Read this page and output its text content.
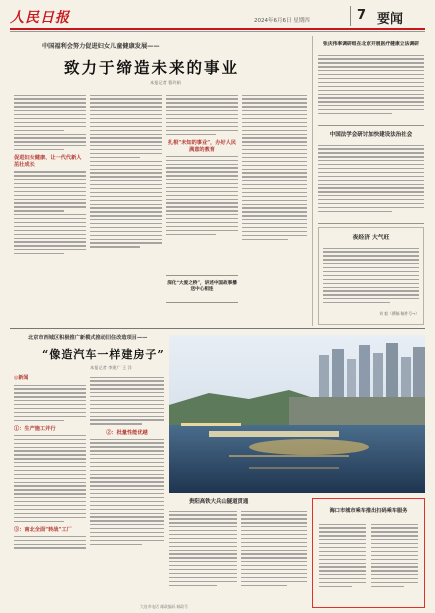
人民日报	2024年6月6日 星期四	7 要闻
中国福利会努力促进妇女儿童健康发展——
致力于缔造未来的事业
本报记者 曹玲娟
促进妇女健康、让一代代新人茁壮成长
扎根“未知的事业”，办好人民满意的教育
深化“大爱之桥”，讲述中国故事播送中心相连
张庆伟率调研组在北京开展医疗健康立法调研
中国法学会研讨加快建设法治社会
夜经济 大气旺
刘 毅（撰稿·稿件号→）
北京市西城区积极推广新模式推动旧住改造项目——
“像造汽车一样建房子”
本报记者 李建广 王 洋
◎新闻
①：生产施工并行
③：南北全面“转战”工厂
②：批量性能优越
贵阳高铁大兵山隧道贯通
海口市城市乘车推出扫码乘车服务
大连市电话 邮政编码 邮政号
